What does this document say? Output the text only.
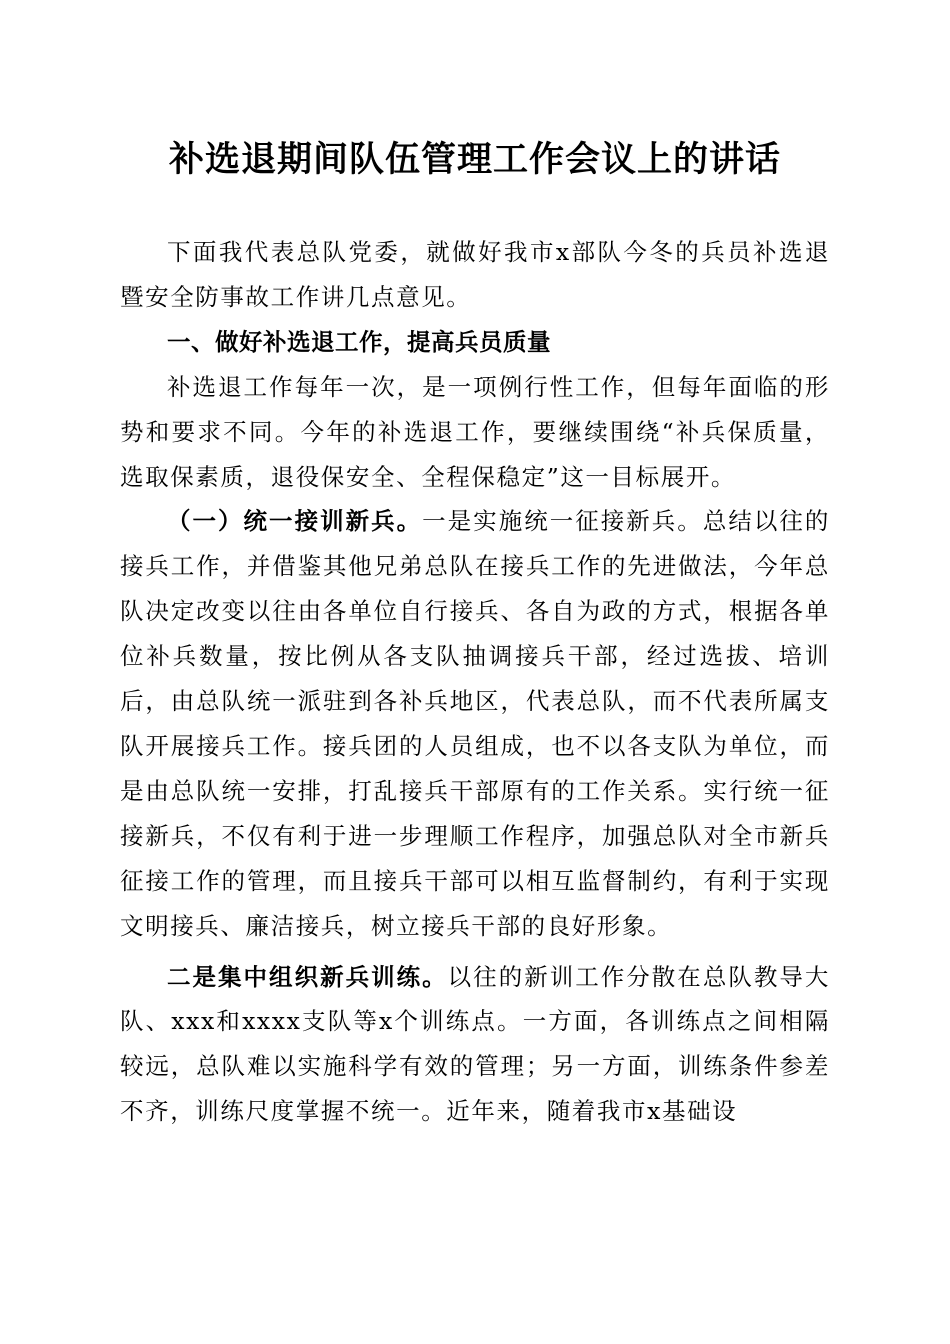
补选退期间队伍管理工作会议上的讲话

下面我代表总队党委，就做好我市x部队今冬的兵员补选退暨安全防事故工作讲几点意见。

一、做好补选退工作，提高兵员质量

补选退工作每年一次，是一项例行性工作，但每年面临的形势和要求不同。今年的补选退工作，要继续围绕“补兵保质量，选取保素质，退役保安全、全程保稳定”这一目标展开。

（一）统一接训新兵。一是实施统一征接新兵。总结以往的接兵工作，并借鉴其他兄弟总队在接兵工作的先进做法，今年总队决定改变以往由各单位自行接兵、各自为政的方式，根据各单位补兵数量，按比例从各支队抽调接兵干部，经过选拔、培训后，由总队统一派驻到各补兵地区，代表总队，而不代表所属支队开展接兵工作。接兵团的人员组成，也不以各支队为单位，而是由总队统一安排，打乱接兵干部原有的工作关系。实行统一征接新兵，不仅有利于进一步理顺工作程序，加强总队对全市新兵征接工作的管理，而且接兵干部可以相互监督制约，有利于实现文明接兵、廉洁接兵，树立接兵干部的良好形象。

二是集中组织新兵训练。以往的新训工作分散在总队教导大队、xxx和xxxx支队等x个训练点。一方面，各训练点之间相隔较远，总队难以实施科学有效的管理；另一方面，训练条件参差不齐，训练尺度掌握不统一。近年来，随着我市x基础设
